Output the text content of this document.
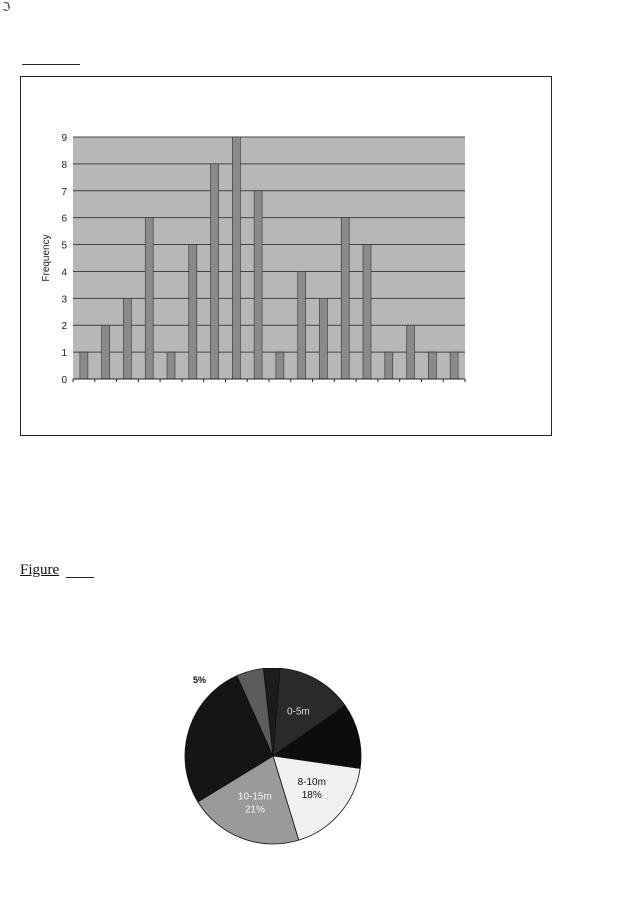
ℑ
0
1
2
3
4
5
6
7
8
9
Frequency
Figure
5%
0-5m
8-10m
18%
10-15m
21%
